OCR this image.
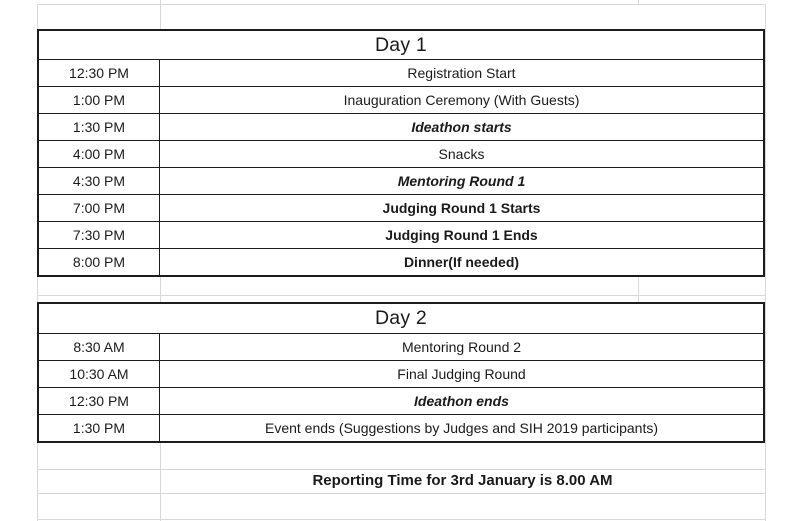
Day 1
12:30 PM	Registration Start
1:00 PM	Inauguration Ceremony (With Guests)
1:30 PM	Ideathon starts
4:00 PM	Snacks
4:30 PM	Mentoring Round 1
7:00 PM	Judging Round 1 Starts
7:30 PM	Judging Round 1 Ends
8:00 PM	Dinner(If needed)
Day 2
8:30 AM	Mentoring Round 2
10:30 AM	Final Judging Round
12:30 PM	Ideathon ends
1:30 PM	Event ends (Suggestions by Judges and SIH 2019 participants)
Reporting Time for 3rd January is 8.00 AM
